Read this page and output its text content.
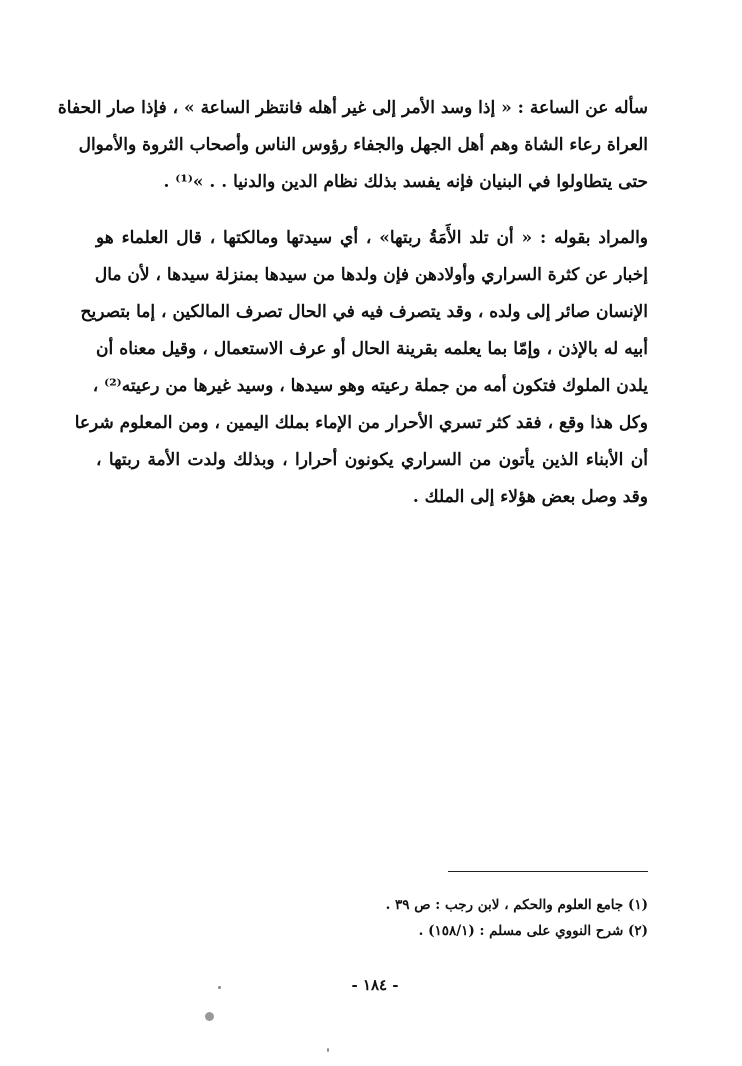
سأله عن الساعة : « إذا وسد الأمر إلى غير أهله فانتظر الساعة » ، فإذا صار الحفاة
العراة رعاء الشاة وهم أهل الجهل والجفاء رؤوس الناس وأصحاب الثروة والأموال
حتى يتطاولوا في البنيان فإنه يفسد بذلك نظام الدين والدنيا . . »⁽¹⁾ .
والمراد بقوله : « أن تلد الأَمَةُ ربتها» ، أي سيدتها ومالكتها ، قال العلماء هو
إخبار عن كثرة السراري وأولادهن فإن ولدها من سيدها بمنزلة سيدها ، لأن مال
الإنسان صائر إلى ولده ، وقد يتصرف فيه في الحال تصرف المالكين ، إما بتصريح
أبيه له بالإذن ، وإمّا بما يعلمه بقرينة الحال أو عرف الاستعمال ، وقيل معناه أن
يلدن الملوك فتكون أمه من جملة رعيته وهو سيدها ، وسيد غيرها من رعيته⁽²⁾ ،
وكل هذا وقع ، فقد كثر تسري الأحرار من الإماء بملك اليمين ، ومن المعلوم شرعا
أن الأبناء الذين يأتون من السراري يكونون أحرارا ، وبذلك ولدت الأمة ربتها ،
وقد وصل بعض هؤلاء إلى الملك .
(١) جامع العلوم والحكم ، لابن رجب : ص ٣٩ .
(٢) شرح النووي على مسلم : (١٥٨/١) .
- ١٨٤ -
